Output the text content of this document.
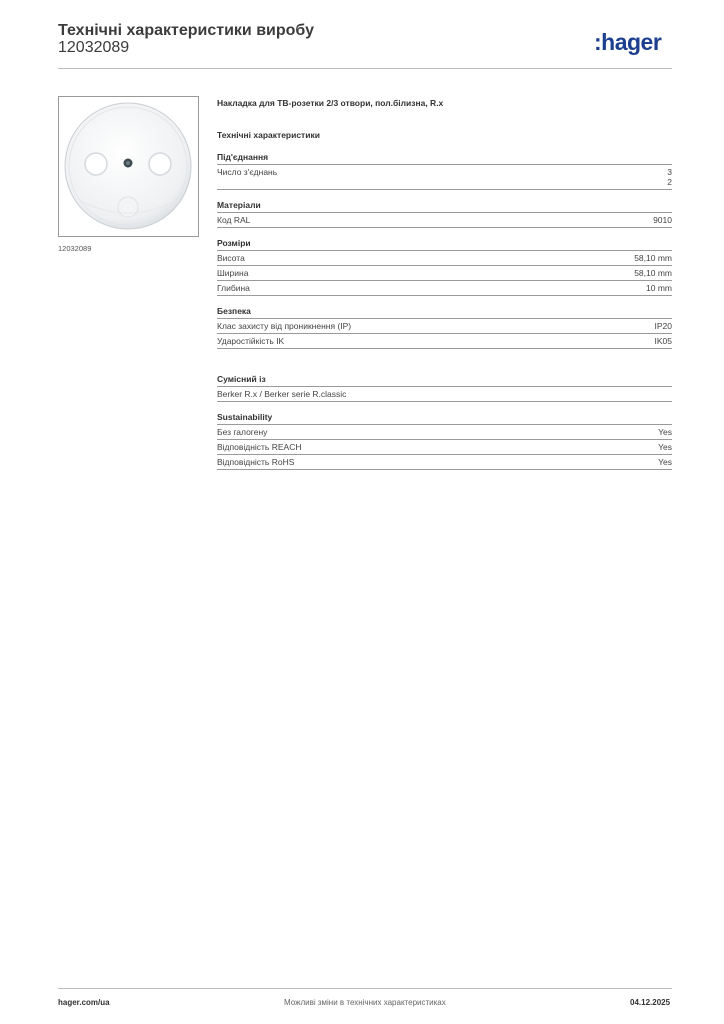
Технічні характеристики виробу
12032089	:hager
12032089
Накладка для ТВ-розетки 2/3 отвори, пол.білизна, R.x
Технічні характеристики
Під'єднання
Число з'єднань	3
2
Матеріали
Код RAL	9010
Розміри
Висота	58,10 mm
Ширина	58,10 mm
Глибина	10 mm
Безпека
Клас захисту від проникнення (IP)	IP20
Ударостійкість IK	IK05
Сумісний із
Berker R.x / Berker serie R.classic
Sustainability
Без галогену	Yes
Відповідність REACH	Yes
Відповідність RoHS	Yes
hager.com/ua	Можливі зміни в технічних характеристиках	04.12.2025
